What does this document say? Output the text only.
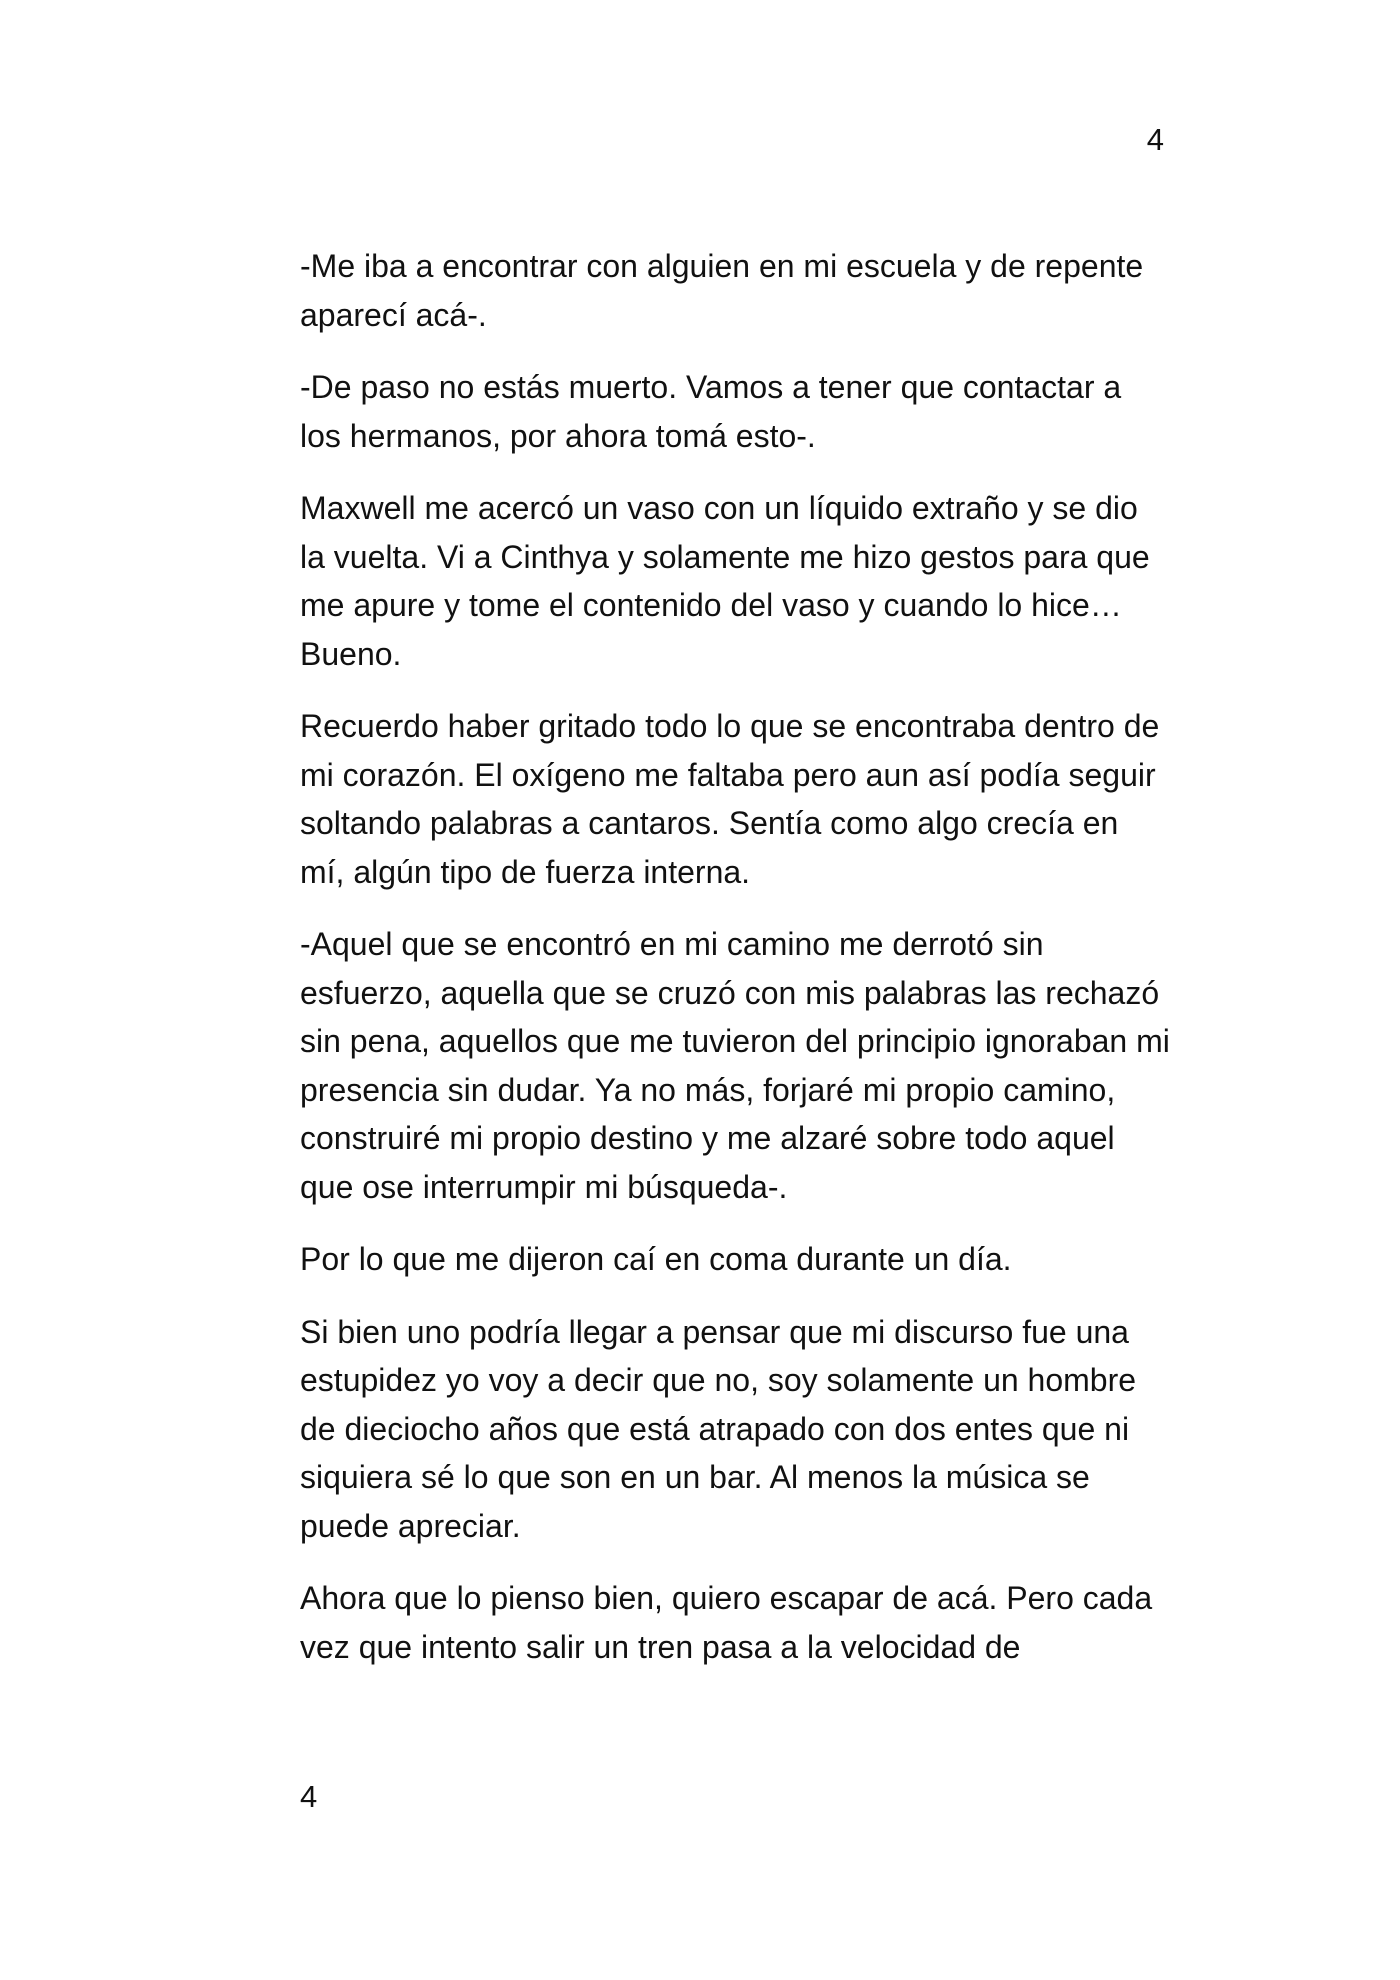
4

-Me iba a encontrar con alguien en mi escuela y de repente aparecí acá-.

-De paso no estás muerto. Vamos a tener que contactar a los hermanos, por ahora tomá esto-.

Maxwell me acercó un vaso con un líquido extraño y se dio la vuelta. Vi a Cinthya y solamente me hizo gestos para que me apure y tome el contenido del vaso y cuando lo hice… Bueno.

Recuerdo haber gritado todo lo que se encontraba dentro de mi corazón. El oxígeno me faltaba pero aun así podía seguir soltando palabras a cantaros. Sentía como algo crecía en mí, algún tipo de fuerza interna.

-Aquel que se encontró en mi camino me derrotó sin esfuerzo, aquella que se cruzó con mis palabras las rechazó sin pena, aquellos que me tuvieron del principio ignoraban mi presencia sin dudar. Ya no más, forjaré mi propio camino, construiré mi propio destino y me alzaré sobre todo aquel que ose interrumpir mi búsqueda-.

Por lo que me dijeron caí en coma durante un día.

Si bien uno podría llegar a pensar que mi discurso fue una estupidez yo voy a decir que no, soy solamente un hombre de dieciocho años que está atrapado con dos entes que ni siquiera sé lo que son en un bar. Al menos la música se puede apreciar.

Ahora que lo pienso bien, quiero escapar de acá. Pero cada vez que intento salir un tren pasa a la velocidad de

4
